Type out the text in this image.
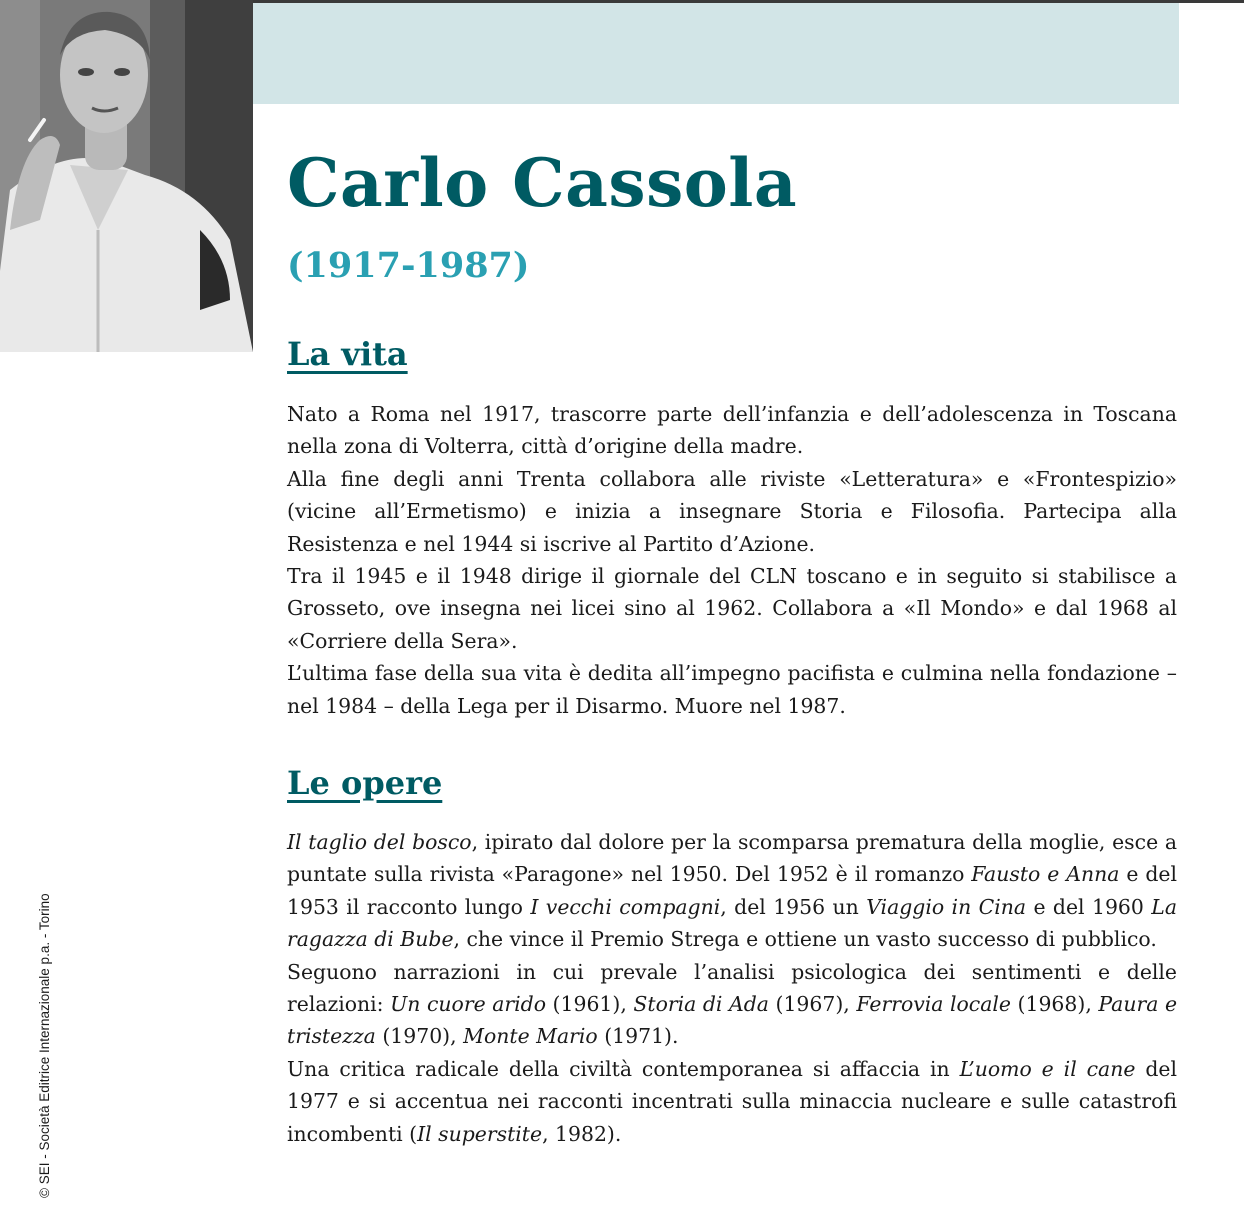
Carlo Cassola
(1917-1987)
La vita

Nato a Roma nel 1917, trascorre parte dell’infanzia e dell’adolescenza in Toscana nella zona di Volterra, città d’origine della madre.

Alla fine degli anni Trenta collabora alle riviste «Letteratura» e «Frontespizio» (vicine all’Ermetismo) e inizia a insegnare Storia e Filosofia. Partecipa alla Resistenza e nel 1944 si iscrive al Partito d’Azione.

Tra il 1945 e il 1948 dirige il giornale del CLN toscano e in seguito si stabilisce a Grosseto, ove insegna nei licei sino al 1962. Collabora a «Il Mondo» e dal 1968 al «Corriere della Sera».

L’ultima fase della sua vita è dedita all’impegno pacifista e culmina nella fondazione – nel 1984 – della Lega per il Disarmo. Muore nel 1987.

Le opere

Il taglio del bosco, ipirato dal dolore per la scomparsa prematura della moglie, esce a puntate sulla rivista «Paragone» nel 1950. Del 1952 è il romanzo Fausto e Anna e del 1953 il racconto lungo I vecchi compagni, del 1956 un Viaggio in Cina e del 1960 La ragazza di Bube, che vince il Premio Strega e ottiene un vasto successo di pubblico.

Seguono narrazioni in cui prevale l’analisi psicologica dei sentimenti e delle relazioni: Un cuore arido (1961), Storia di Ada (1967), Ferrovia locale (1968), Paura e tristezza (1970), Monte Mario (1971).

Una critica radicale della civiltà contemporanea si affaccia in L’uomo e il cane del 1977 e si accentua nei racconti incentrati sulla minaccia nucleare e sulle catastrofi incombenti (Il superstite, 1982).

© SEI - Società Editrice Internazionale p.a. - Torino
